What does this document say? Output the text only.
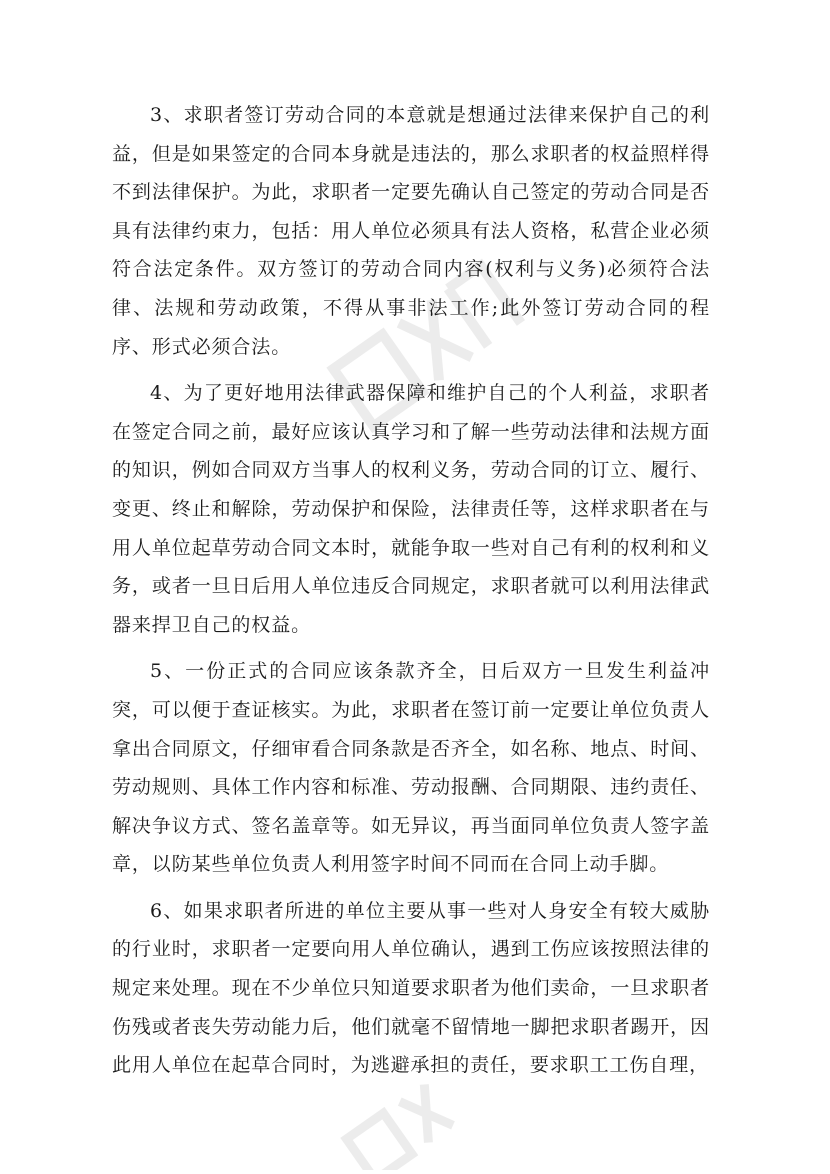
3、求职者签订劳动合同的本意就是想通过法律来保护自己的利益，但是如果签定的合同本身就是违法的，那么求职者的权益照样得不到法律保护。为此，求职者一定要先确认自己签定的劳动合同是否具有法律约束力，包括：用人单位必须具有法人资格，私营企业必须符合法定条件。双方签订的劳动合同内容(权利与义务)必须符合法律、法规和劳动政策，不得从事非法工作;此外签订劳动合同的程序、形式必须合法。

4、为了更好地用法律武器保障和维护自己的个人利益，求职者在签定合同之前，最好应该认真学习和了解一些劳动法律和法规方面的知识，例如合同双方当事人的权利义务，劳动合同的订立、履行、变更、终止和解除，劳动保护和保险，法律责任等，这样求职者在与用人单位起草劳动合同文本时，就能争取一些对自己有利的权利和义务，或者一旦日后用人单位违反合同规定，求职者就可以利用法律武器来捍卫自己的权益。

5、一份正式的合同应该条款齐全，日后双方一旦发生利益冲突，可以便于查证核实。为此，求职者在签订前一定要让单位负责人拿出合同原文，仔细审看合同条款是否齐全，如名称、地点、时间、劳动规则、具体工作内容和标准、劳动报酬、合同期限、违约责任、解决争议方式、签名盖章等。如无异议，再当面同单位负责人签字盖章，以防某些单位负责人利用签字时间不同而在合同上动手脚。

6、如果求职者所进的单位主要从事一些对人身安全有较大威胁的行业时，求职者一定要向用人单位确认，遇到工伤应该按照法律的规定来处理。现在不少单位只知道要求职者为他们卖命，一旦求职者伤残或者丧失劳动能力后，他们就毫不留情地一脚把求职者踢开，因此用人单位在起草合同时，为逃避承担的责任，要求职工工伤自理，
